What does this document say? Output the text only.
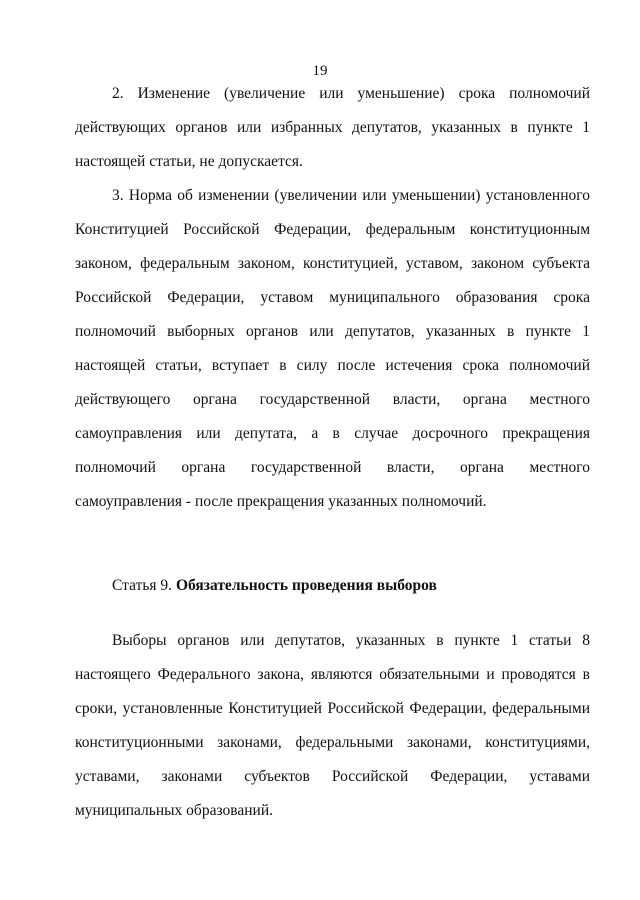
19

2. Изменение (увеличение или уменьшение) срока полномочий действующих органов или избранных депутатов, указанных в пункте 1 настоящей статьи, не допускается.

3. Норма об изменении (увеличении или уменьшении) установленного Конституцией Российской Федерации, федеральным конституционным законом, федеральным законом, конституцией, уставом, законом субъекта Российской Федерации, уставом муниципального образования срока полномочий выборных органов или депутатов, указанных в пункте 1 настоящей статьи, вступает в силу после истечения срока полномочий действующего органа государственной власти, органа местного самоуправления или депутата, а в случае досрочного прекращения полномочий органа государственной власти, органа местного самоуправления - после прекращения указанных полномочий.

Статья 9. Обязательность проведения выборов

Выборы органов или депутатов, указанных в пункте 1 статьи 8 настоящего Федерального закона, являются обязательными и проводятся в сроки, установленные Конституцией Российской Федерации, федеральными конституционными законами, федеральными законами, конституциями, уставами, законами субъектов Российской Федерации, уставами муниципальных образований.
